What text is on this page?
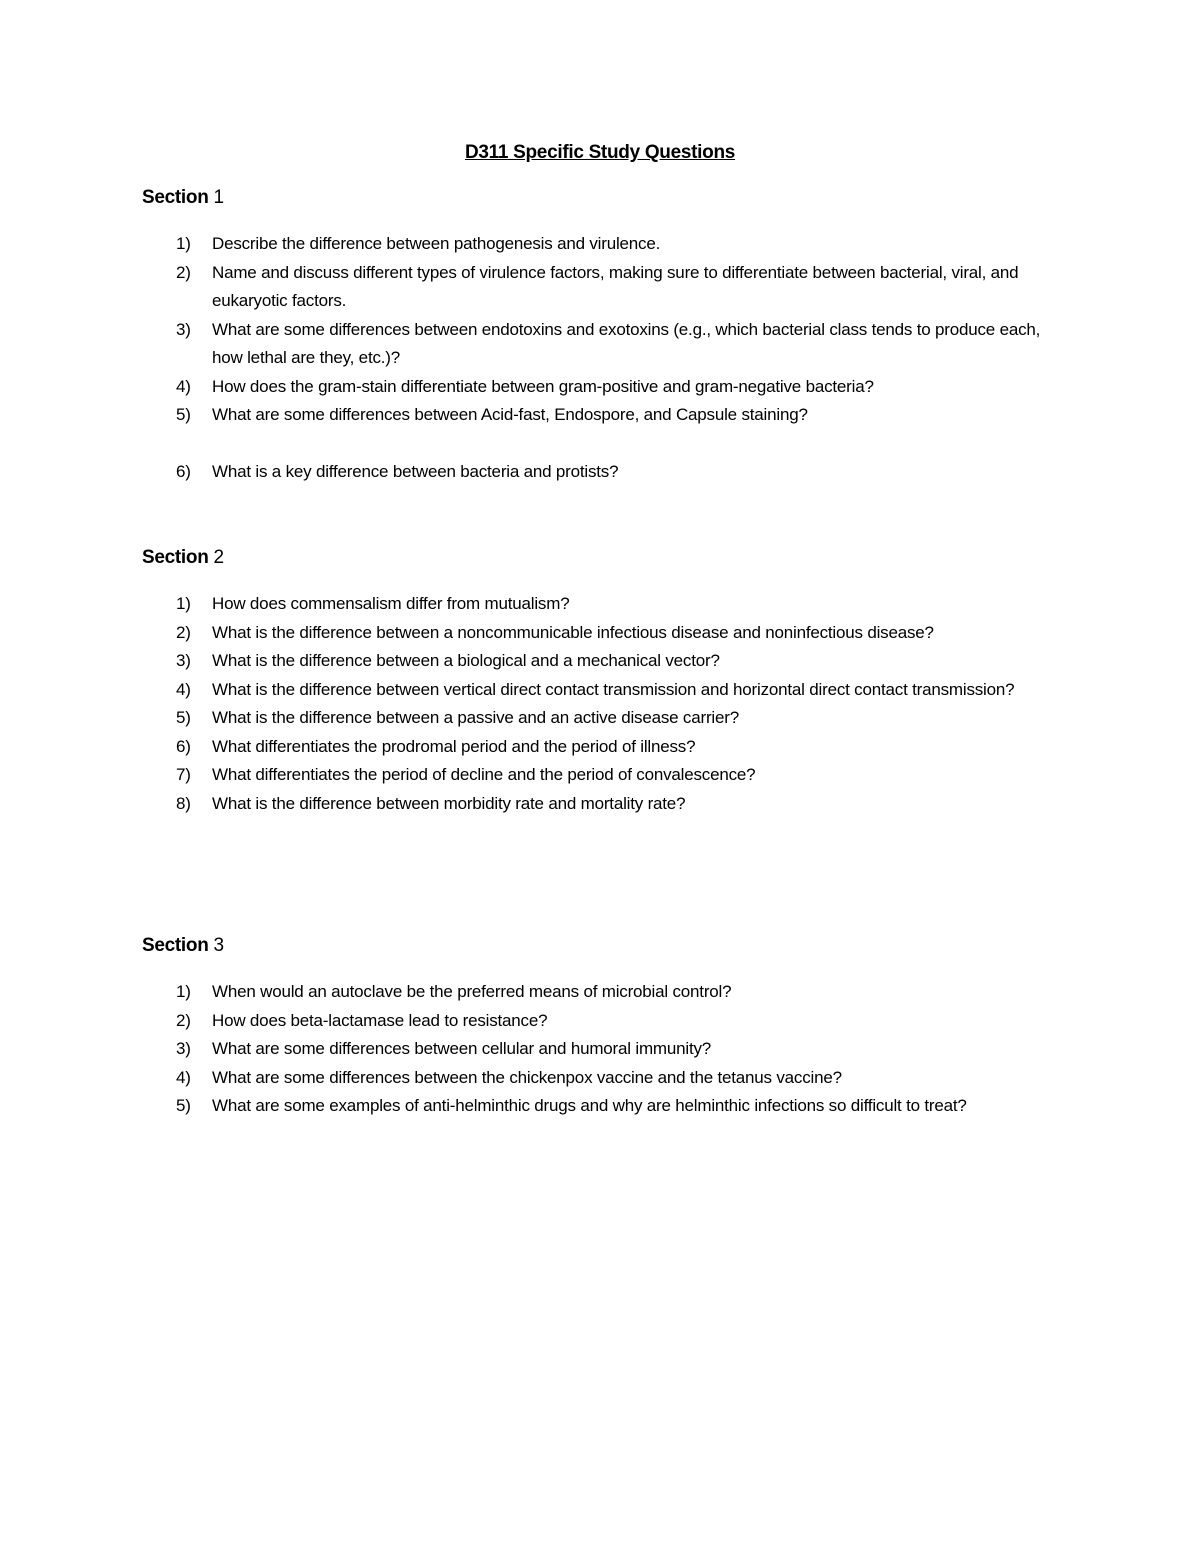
D311 Specific Study Questions
Section 1
1) Describe the difference between pathogenesis and virulence.
2) Name and discuss different types of virulence factors, making sure to differentiate between bacterial, viral, and eukaryotic factors.
3) What are some differences between endotoxins and exotoxins (e.g., which bacterial class tends to produce each, how lethal are they, etc.)?
4) How does the gram-stain differentiate between gram-positive and gram-negative bacteria?
5) What are some differences between Acid-fast, Endospore, and Capsule staining?
6) What is a key difference between bacteria and protists?
Section 2
1) How does commensalism differ from mutualism?
2) What is the difference between a noncommunicable infectious disease and noninfectious disease?
3) What is the difference between a biological and a mechanical vector?
4) What is the difference between vertical direct contact transmission and horizontal direct contact transmission?
5) What is the difference between a passive and an active disease carrier?
6) What differentiates the prodromal period and the period of illness?
7) What differentiates the period of decline and the period of convalescence?
8) What is the difference between morbidity rate and mortality rate?
Section 3
1) When would an autoclave be the preferred means of microbial control?
2) How does beta-lactamase lead to resistance?
3) What are some differences between cellular and humoral immunity?
4) What are some differences between the chickenpox vaccine and the tetanus vaccine?
5) What are some examples of anti-helminthic drugs and why are helminthic infections so difficult to treat?
